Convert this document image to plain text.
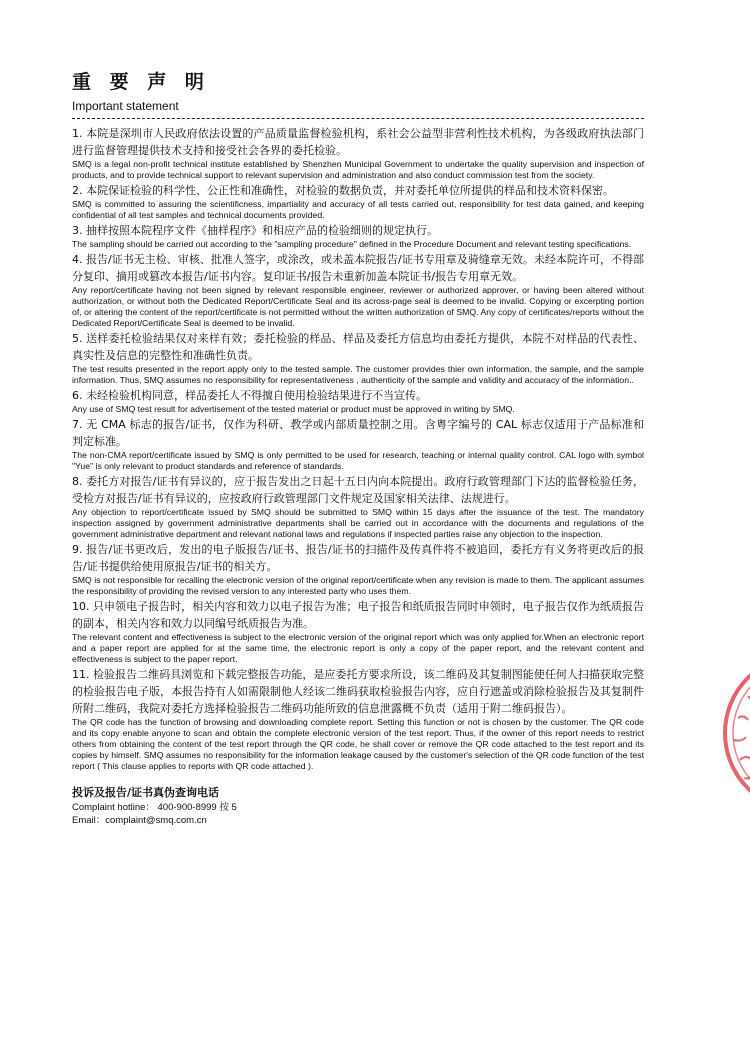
重 要 声 明

Important statement

1. 本院是深圳市人民政府依法设置的产品质量监督检验机构，系社会公益型非营利性技术机构，为各级政府执法部门进行监督管理提供技术支持和接受社会各界的委托检验。

SMQ is a legal non-profit technical institute established by Shenzhen Municipal Government to undertake the quality supervision and inspection of products, and to provide technical support to relevant supervision and administration and also conduct commission test from the society.

2. 本院保证检验的科学性、公正性和准确性，对检验的数据负责，并对委托单位所提供的样品和技术资料保密。

SMQ is committed to assuring the scientificness, impartiality and accuracy of all tests carried out, responsibility for test data gained, and keeping confidential of all test samples and technical documents provided.

3. 抽样按照本院程序文件《抽样程序》和相应产品的检验细则的规定执行。

The sampling should be carried out according to the "sampling procedure" defined in the Procedure Document and relevant testing specifications.

4. 报告/证书无主检、审核、批准人签字，或涂改，或未盖本院报告/证书专用章及骑缝章无效。未经本院许可，不得部分复印、摘用或篡改本报告/证书内容。复印证书/报告未重新加盖本院证书/报告专用章无效。

Any report/certificate having not been signed by relevant responsible engineer, reviewer or authorized approver, or having been altered without authorization, or without both the Dedicated Report/Certificate Seal and its across-page seal is deemed to be invalid. Copying or excerpting portion of, or altering the content of the report/certificate is not permitted without the written authorization of SMQ. Any copy of certificates/reports without the Dedicated Report/Certificate Seal is deemed to be invalid.

5. 送样委托检验结果仅对来样有效；委托检验的样品、样品及委托方信息均由委托方提供，本院不对样品的代表性、真实性及信息的完整性和准确性负责。

The test results presented in the report apply only to the tested sample. The customer provides thier own information, the sample, and the sample information. Thus, SMQ assumes no responsibility for representativeness , authenticity of the sample and validity and accuracy of the information..

6. 未经检验机构同意，样品委托人不得擅自使用检验结果进行不当宣传。

Any use of SMQ test result for advertisement of the tested material or product must be approved in writing by SMQ.

7. 无 CMA 标志的报告/证书，仅作为科研、教学或内部质量控制之用。含粤字编号的 CAL 标志仅适用于产品标准和判定标准。

The non-CMA report/certificate issued by SMQ is only permitted to be used for research, teaching or internal quality control. CAL logo with symbol "Yue" is only relevant to product standards and reference of standards.

8. 委托方对报告/证书有异议的，应于报告发出之日起十五日内向本院提出。政府行政管理部门下达的监督检验任务，受检方对报告/证书有异议的，应按政府行政管理部门文件规定及国家相关法律、法规进行。

Any objection to report/certificate issued by SMQ should be submitted to SMQ within 15 days after the issuance of the test. The mandatory inspection assigned by government administrative departments shall be carried out in accordance with the documents and regulations of the government administrative department and relevant national laws and regulations if inspected parties raise any objection to the inspection.

9. 报告/证书更改后，发出的电子版报告/证书、报告/证书的扫描件及传真件将不被追回，委托方有义务将更改后的报告/证书提供给使用原报告/证书的相关方。

SMQ is not responsible for recalling the electronic version of the original report/certificate when any revision is made to them. The applicant assumes the responsibility of providing the revised version to any interested party who uses them.

10. 只申领电子报告时，相关内容和效力以电子报告为准；电子报告和纸质报告同时申领时，电子报告仅作为纸质报告的副本，相关内容和效力以同编号纸质报告为准。

The relevant content and effectiveness is subject to the electronic version of the original report which was only applied for.When an electronic report and a paper report are applied for at the same time, the electronic report is only a copy of the paper report, and the relevant content and effectiveness is subject to the paper report.

11. 检验报告二维码具浏览和下载完整报告功能，是应委托方要求所设，该二维码及其复制图能使任何人扫描获取完整的检验报告电子版，本报告持有人如需限制他人经该二维码获取检验报告内容，应自行遮盖或消除检验报告及其复制件所附二维码，我院对委托方选择检验报告二维码功能所致的信息泄露概不负责（适用于附二维码报告）。

The QR code has the function of browsing and downloading complete report. Setting this function or not is chosen by the customer. The QR code and its copy enable anyone to scan and obtain the complete electronic version of the test report. Thus, if the owner of this report needs to restrict others from obtaining the content of the test report through the QR code, he shall cover or remove the QR code attached to the test report and its copies by himself. SMQ assumes no responsibility for the information leakage caused by the customer's selection of the QR code function of the test report ( This clause applies to reports with QR code attached ).

投诉及报告/证书真伪查询电话

Complaint hotline： 400-900-8999 按 5

Email：complaint@smq.com.cn
